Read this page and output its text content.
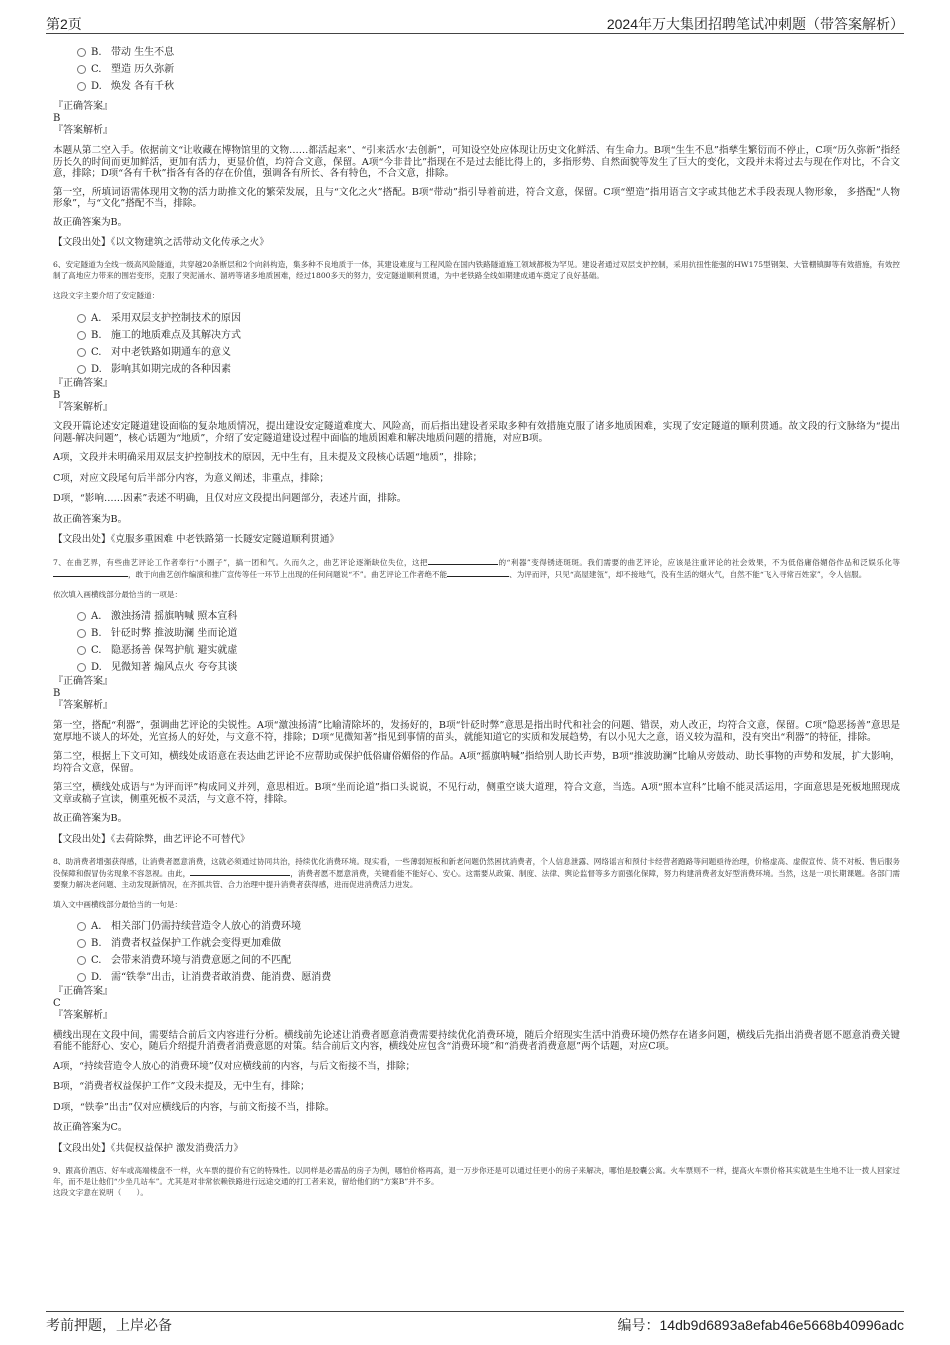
第2页	2024年万大集团招聘笔试冲刺题（带答案解析）
B. 带动 生生不息
C. 塑造 历久弥新
D. 焕发 各有千秋

『正确答案』

B

『答案解析』

本题从第二空入手。依据前文“让收藏在博物馆里的文物……都活起来”、“引来活水‘去创新”，可知设空处应体现让历史文化鲜活、有生命力。B项“生生不息”指孳生繁衍而不停止，C项“历久弥新”指经历长久的时间而更加鲜活，更加有活力，更显价值，均符合文意，保留。A项“今非昔比”指现在不是过去能比得上的，多指形势、自然面貌等发生了巨大的变化，文段并未将过去与现在作对比，不合文意，排除；D项“各有千秋”指各有各的存在价值，强调各有所长、各有特色，不合文意，排除。

第一空，所填词语需体现用文物的活力助推文化的繁荣发展，且与“文化之火”搭配。B项“带动”指引导着前进，符合文意，保留。C项“塑造”指用语言文字或其他艺术手段表现人物形象， 多搭配“人物形象”，与“文化”搭配不当，排除。

故正确答案为B。

【文段出处】《以文物建筑之活带动文化传承之火》

6、安定隧道为全线一级高风险隧道，共穿越20条断层和2个向斜构造，集多种不良地质于一体，其建设难度与工程风险在国内铁路隧道施工领域都极为罕见。建设者通过双层支护控制，采用抗扭性能强的HW175型钢架、大管棚镇脚等有效措施，有效控制了高地应力带来的围岩变形，克服了突泥涌水、溜坍等诸多地质困难，经过1800多天的努力，安定隧道顺利贯通，为中老铁路全线如期建成通车奠定了良好基础。

这段文字主要介绍了安定隧道：

A. 采用双层支护控制技术的原因
B. 施工的地质难点及其解决方式
C. 对中老铁路如期通车的意义
D. 影响其如期完成的各种因素

『正确答案』

B

『答案解析』

文段开篇论述安定隧道建设面临的复杂地质情况，提出建设安定隧道难度大、风险高，而后指出建设者采取多种有效措施克服了诸多地质困难，实现了安定隧道的顺利贯通。故文段的行文脉络为“提出问题-解决问题”，核心话题为“地质”，介绍了安定隧道建设过程中面临的地质困难和解决地质问题的措施，对应B项。

A项，文段并未明确采用双层支护控制技术的原因，无中生有，且未提及文段核心话题“地质”，排除；

C项，对应文段尾句后半部分内容，为意义阐述，非重点，排除；

D项，“影响……因素”表述不明确，且仅对应文段提出问题部分，表述片面，排除。

故正确答案为B。

【文段出处】《克服多重困难 中老铁路第一长隧安定隧道顺利贯通》

7、在曲艺界，有些曲艺评论工作者奉行“小圈子”，搞一团和气。久而久之，曲艺评论逐渐缺位失位，这把	的“利器”变得锈迹斑斑。我们需要的曲艺评论，应该是注重评论的社会效果，不为低俗庸俗媚俗作品和泛娱乐化等，敢于向曲艺创作编演和推广宣传等任一环节上出现的任何问题说“不”。曲艺评论工作者绝不能	、为评而评，只见“高屋建瓴”，却不接地气，没有生活的烟火气，自然不能“飞入寻常百姓家”，令人信服。

依次填入画横线部分最恰当的一项是：

A. 激浊扬清 摇旗呐喊 照本宣科
B. 针砭时弊 推波助澜 坐而论道
C. 隐恶扬善 保驾护航 避实就虚
D. 见微知著 煽风点火 夸夸其谈

『正确答案』

B

『答案解析』

第一空，搭配“利器”，强调曲艺评论的尖锐性。A项“激浊扬清”比喻清除坏的，发扬好的，B项“针砭时弊”意思是指出时代和社会的问题、错误，劝人改正，均符合文意，保留。C项“隐恶扬善”意思是宽厚地不谈人的坏处，光宣扬人的好处，与文意不符，排除；D项“见微知著”指见到事情的苗头，就能知道它的实质和发展趋势，有以小见大之意，语义较为温和，没有突出“利器”的特征，排除。

第二空，根据上下文可知，横线处成语意在表达曲艺评论不应帮助或保护低俗庸俗媚俗的作品。A项“摇旗呐喊”指给别人助长声势，B项“推波助澜”比喻从旁鼓动、助长事物的声势和发展，扩大影响，均符合文意，保留。

第三空，横线处成语与“为评而评”构成同义并列，意思相近。B项“坐而论道”指口头说说，不见行动，侧重空谈大道理，符合文意，当选。A项“照本宣科”比喻不能灵活运用，字面意思是死板地照现成文章或稿子宣读，侧重死板不灵活，与文意不符，排除。

故正确答案为B。

【文段出处】《去荷除弊，曲艺评论不可替代》

8、助消费者增强获得感，让消费者愿意消费，这就必须通过协同共治，持续优化消费环境。现实看，一些薄弱短板和新老问题仍然困扰消费者，个人信息泄露、网络谣言和预付卡经营者跑路等问题亟待治理，价格虚高、虚假宣传、货不对板、售后服务没保障和假冒伪劣现象不容忽视。由此，	，消费者愿不愿意消费，关键看能不能好心、安心。这需要从政策、制度、法律、舆论监督等多方面强化保障，努力构建消费者友好型消费环境。当然，这是一项长期课题。各部门需要聚力解决老问题、主动发现新情况，在齐抓共管、合力治理中提升消费者获得感，进而促进消费活力迸发。

填入文中画横线部分最恰当的一句是：

A. 相关部门仍需持续营造令人放心的消费环境
B. 消费者权益保护工作就会变得更加难做
C. 会带来消费环境与消费意愿之间的不匹配
D. 需“铁拳”出击，让消费者敢消费、能消费、愿消费

『正确答案』

C

『答案解析』

横线出现在文段中间，需要结合前后文内容进行分析。横线前先论述让消费者愿意消费需要持续优化消费环境，随后介绍现实生活中消费环境仍然存在诸多问题，横线后先指出消费者愿不愿意消费关键看能不能舒心、安心，随后介绍提升消费者消费意愿的对策。结合前后文内容，横线处应包含“消费环境”和“消费者消费意愿”两个话题，对应C项。

A项，“持续营造令人放心的消费环境”仅对应横线前的内容，与后文衔接不当，排除；

B项，“消费者权益保护工作”文段未提及，无中生有，排除；

D项，“铁拳”出击”仅对应横线后的内容，与前文衔接不当，排除。

故正确答案为C。

【文段出处】《共促权益保护 激发消费活力》

9、跟高价酒店、好车或高端楼盘不一样，火车票的提价有它的特殊性。以同样是必需品的房子为例，哪怕价格再高，退一万步你还是可以通过任更小的房子来解决，哪怕是胶囊公寓。火车票则不一样，提高火车票价格其实就是生生地不让一拨人回家过年，而不是让他们“少坐几站车”。尤其是对非常依赖铁路进行远途交通的打工者来说，留给他们的“方案B”并不多。

这段文字意在说明（　　）。

考前押题，上岸必备	编号：14db9d6893a8efab46e5668b40996adc
